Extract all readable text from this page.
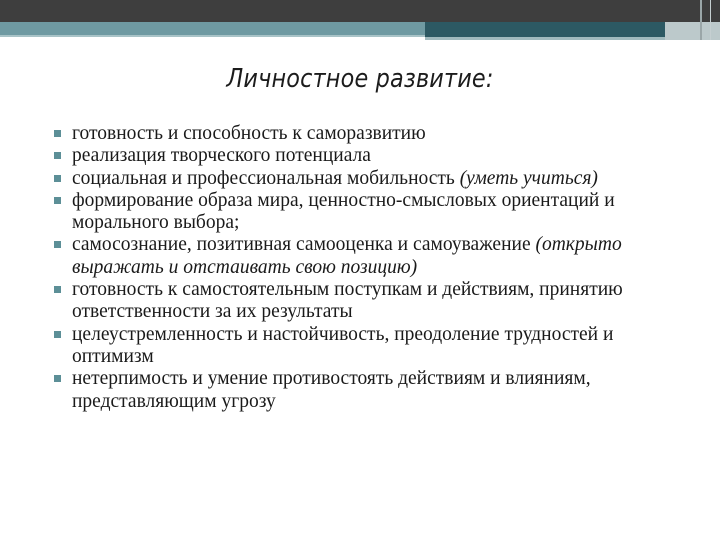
Личностное развитие:
готовность и способность к саморазвитию
реализация творческого потенциала
социальная и профессиональная мобильность (уметь учиться)
формирование образа мира, ценностно-смысловых ориентаций и морального выбора;
самосознание, позитивная самооценка и самоуважение (открыто выражать и отстаивать свою позицию)
готовность к самостоятельным поступкам и действиям, принятию ответственности за их результаты
целеустремленность и настойчивость, преодоление трудностей и оптимизм
нетерпимость и умение противостоять действиям и влияниям, представляющим угрозу
